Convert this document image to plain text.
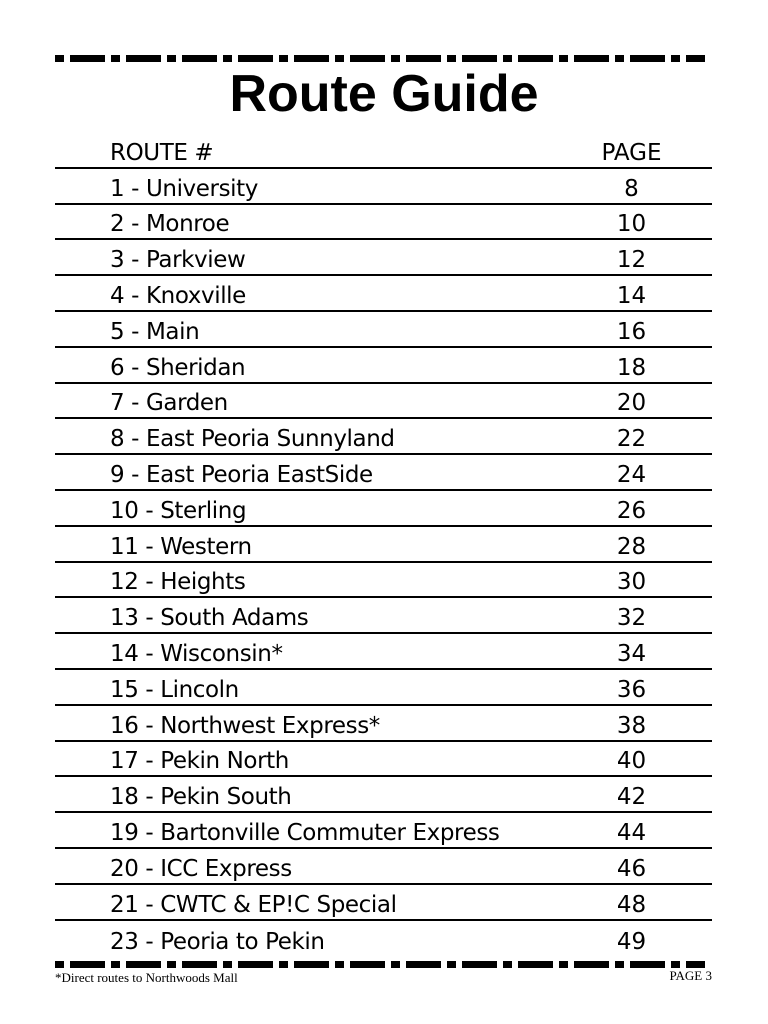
Route Guide
ROUTE #	PAGE
1 - University	8
2 - Monroe	10
3 - Parkview	12
4 - Knoxville	14
5 - Main	16
6 - Sheridan	18
7 - Garden	20
8 - East Peoria Sunnyland	22
9 - East Peoria EastSide	24
10 - Sterling	26
11 - Western	28
12 - Heights	30
13 - South Adams	32
14 - Wisconsin*	34
15 - Lincoln	36
16 - Northwest Express*	38
17 - Pekin North	40
18 - Pekin South	42
19 - Bartonville Commuter Express	44
20 - ICC Express	46
21 - CWTC & EP!C Special	48
23 - Peoria to Pekin	49
*Direct routes to Northwoods Mall	PAGE 3
